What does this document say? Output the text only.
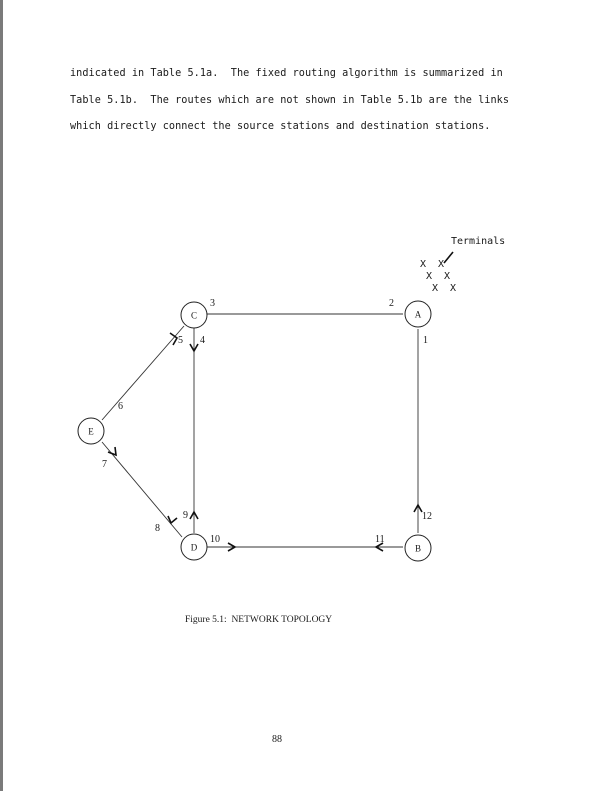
indicated in Table 5.1a.  The fixed routing algorithm is summarized in
Table 5.1b.  The routes which are not shown in Table 5.1b are the links
which directly connect the source stations and destination stations.
A
B
C
D
E
1
2
3
4
5
6
7
8
9
10	11
12
Terminals
X  X
X  X
X  X
Figure 5.1:  NETWORK TOPOLOGY
88
